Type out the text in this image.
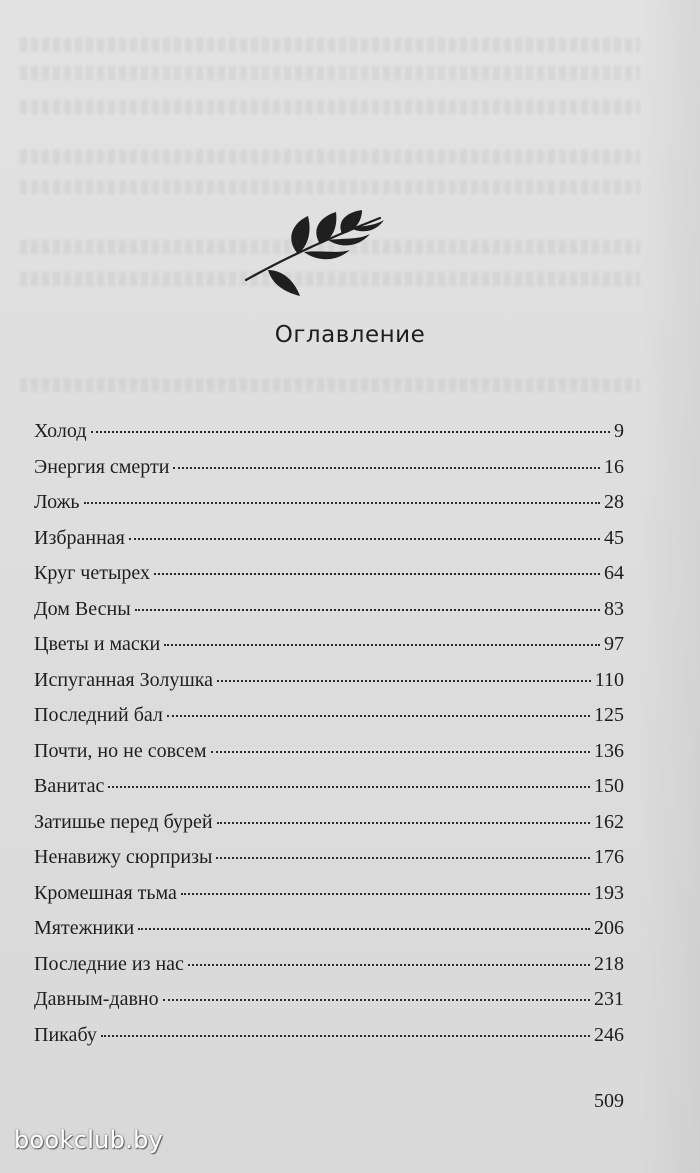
Оглавление
Холод	9
Энергия смерти	16
Ложь	28
Избранная	45
Круг четырех	64
Дом Весны	83
Цветы и маски	97
Испуганная Золушка	110
Последний бал	125
Почти, но не совсем	136
Ванитас	150
Затишье перед бурей	162
Ненавижу сюрпризы	176
Кромешная тьма	193
Мятежники	206
Последние из нас	218
Давным-давно	231
Пикабу	246
509
bookclub.by
